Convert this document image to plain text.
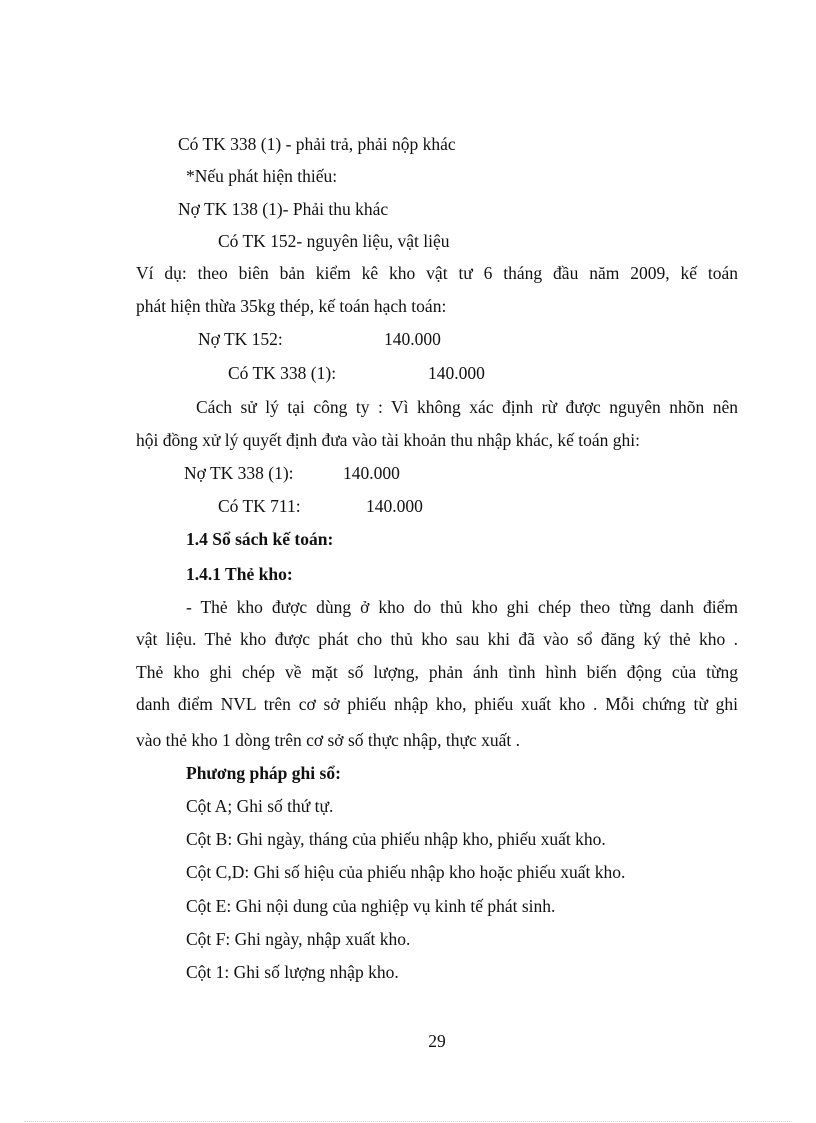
Có TK 338 (1) - phải trả, phải nộp khác
*Nếu phát hiện thiếu:
Nợ TK 138 (1)- Phải thu khác
Có TK 152- nguyên liệu, vật liệu
Ví dụ: theo biên bản kiểm kê kho vật tư 6 tháng đầu năm 2009, kế toán
phát hiện thừa 35kg thép, kế toán hạch toán:
Nợ TK 152:	140.000
Có TK 338 (1):	140.000
Cách sử lý tại công ty : Vì không xác định rừ được nguyên nhõn nên
hội đồng xử lý quyết định đưa vào tài khoản thu nhập khác, kế toán ghi:
Nợ TK 338 (1):	140.000
Có TK 711:	140.000
1.4 Sổ sách kế toán:
1.4.1 Thẻ kho:
- Thẻ kho được dùng ở kho do thủ kho ghi chép theo từng danh điểm
vật liệu. Thẻ kho được phát cho thủ kho sau khi đã vào sổ đăng ký thẻ kho .
Thẻ kho ghi chép về mặt số lượng, phản ánh tình hình biến động của từng
danh điểm NVL trên cơ sở phiếu nhập kho, phiếu xuất kho . Mỗi chứng từ ghi
vào thẻ kho 1 dòng trên cơ sở số thực nhập, thực xuất .
Phương pháp ghi sổ:
Cột A; Ghi số thứ tự.
Cột B: Ghi ngày, tháng của phiếu nhập kho, phiếu xuất kho.
Cột C,D: Ghi số hiệu của phiếu nhập kho hoặc phiếu xuất kho.
Cột E: Ghi nội dung của nghiệp vụ kinh tế phát sinh.
Cột F: Ghi ngày, nhập xuất kho.
Cột 1: Ghi số lượng nhập kho.
29
